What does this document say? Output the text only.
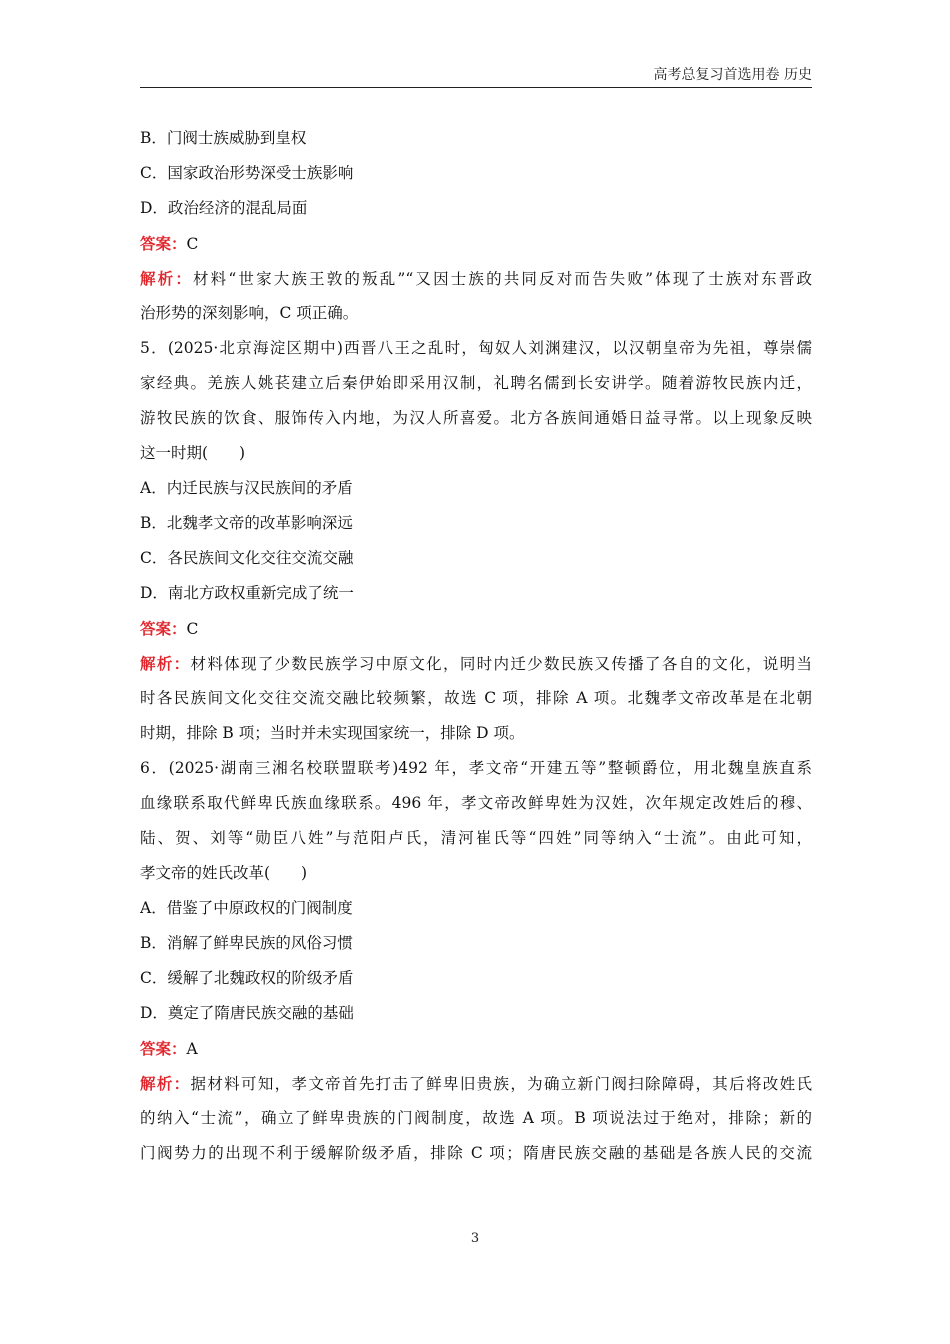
高考总复习首选用卷 历史
B．门阀士族威胁到皇权
C．国家政治形势深受士族影响
D．政治经济的混乱局面
答案：C
解析：材料“世家大族王敦的叛乱”“又因士族的共同反对而告失败”体现了士族对东晋政
治形势的深刻影响，C 项正确。
5．(2025·北京海淀区期中)西晋八王之乱时，匈奴人刘渊建汉，以汉朝皇帝为先祖，尊崇儒
家经典。羌族人姚苌建立后秦伊始即采用汉制，礼聘名儒到长安讲学。随着游牧民族内迁，
游牧民族的饮食、服饰传入内地，为汉人所喜爱。北方各族间通婚日益寻常。以上现象反映
这一时期(　　)
A．内迁民族与汉民族间的矛盾
B．北魏孝文帝的改革影响深远
C．各民族间文化交往交流交融
D．南北方政权重新完成了统一
答案：C
解析：材料体现了少数民族学习中原文化，同时内迁少数民族又传播了各自的文化，说明当
时各民族间文化交往交流交融比较频繁，故选 C 项，排除 A 项。北魏孝文帝改革是在北朝
时期，排除 B 项；当时并未实现国家统一，排除 D 项。
6．(2025·湖南三湘名校联盟联考)492 年，孝文帝“开建五等”整顿爵位，用北魏皇族直系
血缘联系取代鲜卑氏族血缘联系。496 年，孝文帝改鲜卑姓为汉姓，次年规定改姓后的穆、
陆、贺、刘等“勋臣八姓”与范阳卢氏，清河崔氏等“四姓”同等纳入“士流”。由此可知，
孝文帝的姓氏改革(　　)
A．借鉴了中原政权的门阀制度
B．消解了鲜卑民族的风俗习惯
C．缓解了北魏政权的阶级矛盾
D．奠定了隋唐民族交融的基础
答案：A
解析：据材料可知，孝文帝首先打击了鲜卑旧贵族，为确立新门阀扫除障碍，其后将改姓氏
的纳入“士流”，确立了鲜卑贵族的门阀制度，故选 A 项。B 项说法过于绝对，排除；新的
门阀势力的出现不利于缓解阶级矛盾，排除 C 项；隋唐民族交融的基础是各族人民的交流
3
